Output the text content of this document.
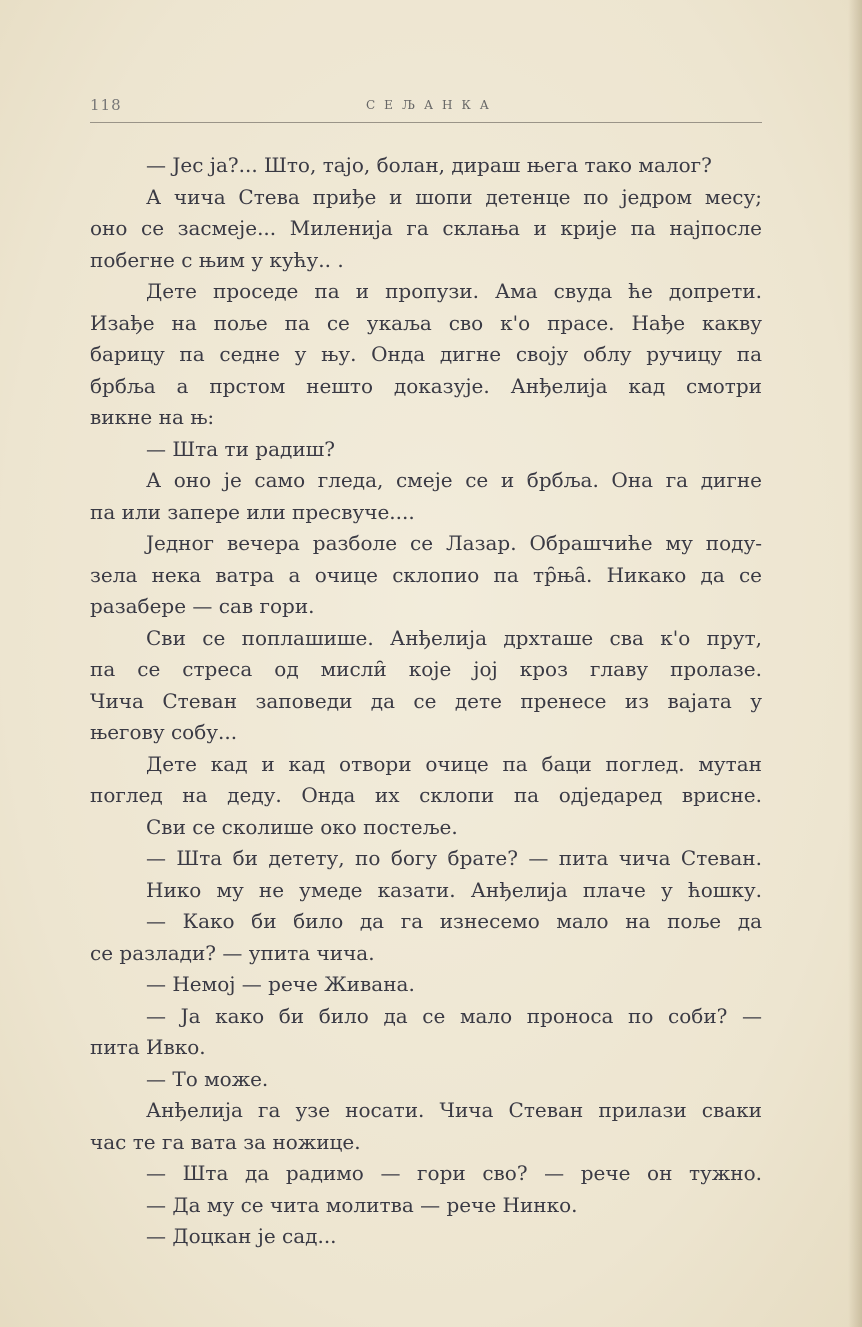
118	СЕЉАНКА
— Јес ја?... Што, тајо, болан, дираш њега тако малог?
А чича Стева приђе и шопи детенце по једром месу;
оно се засмеје... Миленија га склања и крије па најпосле
побегне с њим у кућу.. .
Дете проседе па и пропузи. Ама свуда ће допрети.
Изађе на поље па се укаља сво к'о прасе. Нађе какву
барицу па седне у њу. Онда дигне своју облу ручицу па
брбља а прстом нешто доказује. Анђелија кад смотри
викне на њ:
— Шта ти радиш?
А оно је само гледа, смеје се и брбља. Она га дигне
па или запере или пресвуче....
Једног вечера разболе се Лазар. Обрашчиће му поду-
зела нека ватра а очице склопио па тр̑ња̑. Никако да се
разабере — сав гори.
Сви се поплашише. Анђелија дрхташе сва к'о прут,
па се стреса од мисли̑ које јој кроз главу пролазе.
Чича Стеван заповеди да се дете пренесе из вајата у
његову собу...
Дете кад и кад отвори очице па баци поглед. мутан
поглед на деду. Онда их склопи па одједаред врисне.
Сви се сколише око постеље.
— Шта би детету, по богу брате? — пита чича Стеван.
Нико му не умеде казати. Анђелија плаче у ћошку.
— Како би било да га изнесемо мало на поље да
се разлади? — упита чича.
— Немој — рече Живана.
— Ја како би било да се мало проноса по соби? —
пита Ивко.
— То може.
Анђелија га узе носати. Чича Стеван прилази сваки
час те га вата за ножице.
— Шта да радимо — гори сво? — рече он тужно.
— Да му се чита молитва — рече Нинко.
— Доцкан је сад...
